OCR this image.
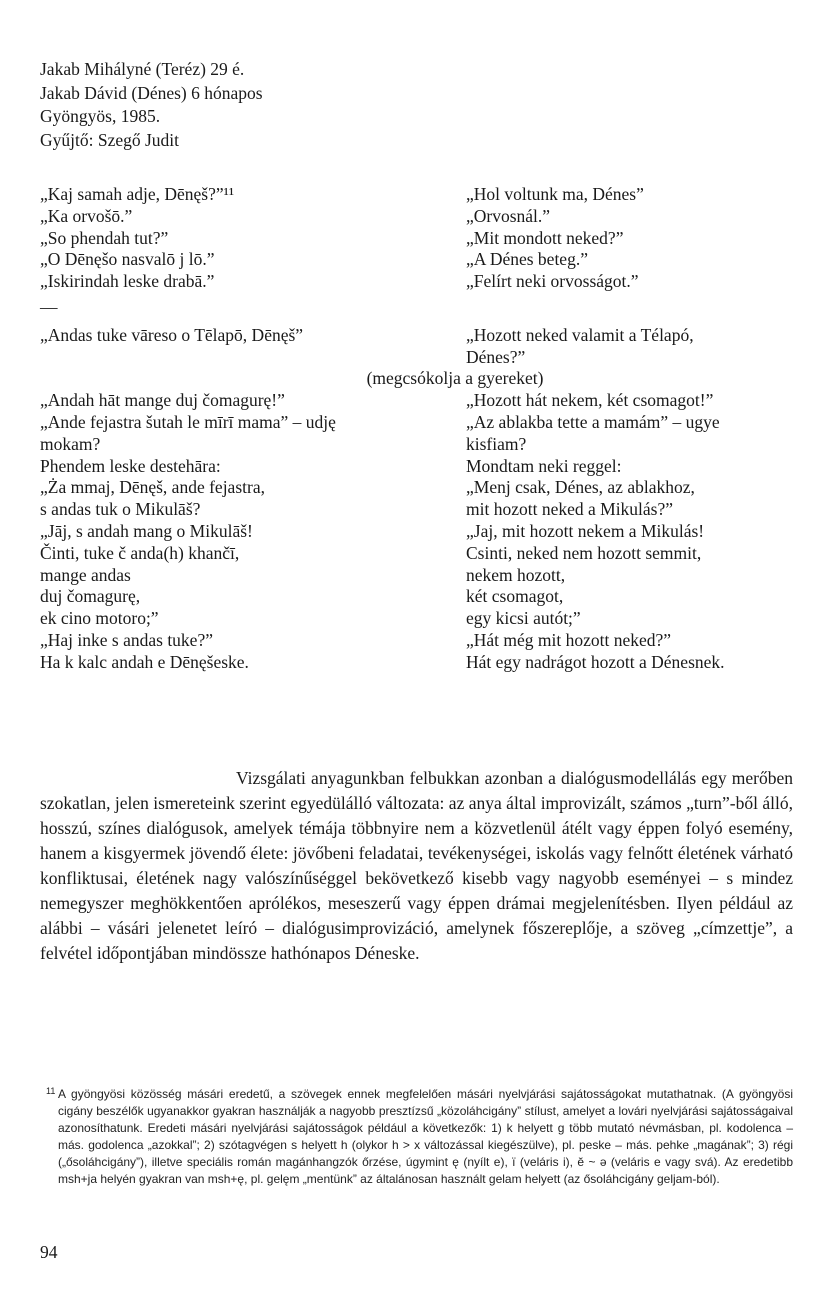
Jakab Mihályné (Teréz) 29 é.
Jakab Dávid (Dénes) 6 hónapos
Gyöngyös, 1985.
Gyűjtő: Szegő Judit
„Kaj samah adje, Dēnęš?”¹¹	„Hol voltunk ma, Dénes”
„Ka orvošō.”	„Orvosnál.”
„So phendah tut?”	„Mit mondott neked?”
„O Dēnęšo nasvalō j lō.”	„A Dénes beteg.”
„Iskirindah leske drabā.”	„Felírt neki orvosságot.”
—
„Andas tuke vāreso o Tēlapō, Dēnęš”	„Hozott neked valamit a Télapó,
Dénes?”
(megcsókolja a gyereket)
„Andah hāt mange duj čomagurę!”	„Hozott hát nekem, két csomagot!”
„Ande fejastra šutah le mīrī mama” – udję	„Az ablakba tette a mamám” – ugye
mokam?	kisfiam?
Phendem leske destehāra:	Mondtam neki reggel:
„Ża mmaj, Dēnęš, ande fejastra,	„Menj csak, Dénes, az ablakhoz,
s andas tuk o Mikulāš?	mit hozott neked a Mikulás?”
„Jāj, s andah mang o Mikulāš!	„Jaj, mit hozott nekem a Mikulás!
Činti, tuke č anda(h) khančī,	Csinti, neked nem hozott semmit,
mange andas	nekem hozott,
duj čomagurę,	két csomagot,
ek cino motoro;”	egy kicsi autót;”
„Haj inke s andas tuke?”	„Hát még mit hozott neked?”
Ha k kalc andah e Dēnęšeske.	Hát egy nadrágot hozott a Dénesnek.

Vizsgálati anyagunkban felbukkan azonban a dialógusmodellálás egy merőben szokatlan, jelen ismereteink szerint egyedülálló változata: az anya által improvizált, számos „turn”-ből álló, hosszú, színes dialógusok, amelyek témája többnyire nem a közvetlenül átélt vagy éppen folyó esemény, hanem a kisgyermek jövendő élete: jövőbeni feladatai, tevékenységei, iskolás vagy felnőtt életének várható konfliktusai, életének nagy valószínűséggel bekövetkező kisebb vagy nagyobb eseményei – s mindez nemegyszer meghökkentően aprólékos, meseszerű vagy éppen drámai megjelenítésben. Ilyen például az alábbi – vásári jelenetet leíró – dialógusimprovizáció, amelynek főszereplője, a szöveg „címzettje”, a felvétel időpontjában mindössze hathónapos Déneske.

11 A gyöngyösi közösség másári eredetű, a szövegek ennek megfelelően másári nyelvjárási sajátosságokat mutathatnak. (A gyöngyösi cigány beszélők ugyanakkor gyakran használják a nagyobb presztízsű „közoláhcigány” stílust, amelyet a lovári nyelvjárási sajátosságaival azonosíthatunk. Eredeti másári nyelvjárási sajátosságok például a következők: 1) k helyett g több mutató névmásban, pl. kodolenca – más. godolenca „azokkal”; 2) szótagvégen s helyett h (olykor h > x változással kiegészülve), pl. peske – más. pehke „magának”; 3) régi („ősoláhcigány”), illetve speciális román magánhangzók őrzése, úgymint ę (nyílt e), ï (veláris i), ĕ ~ ə (veláris e vagy svá). Az eredetibb msh+ja helyén gyakran van msh+ę, pl. gelęm „mentünk” az általánosan használt gelam helyett (az ősoláhcigány geljam-ból).
94
